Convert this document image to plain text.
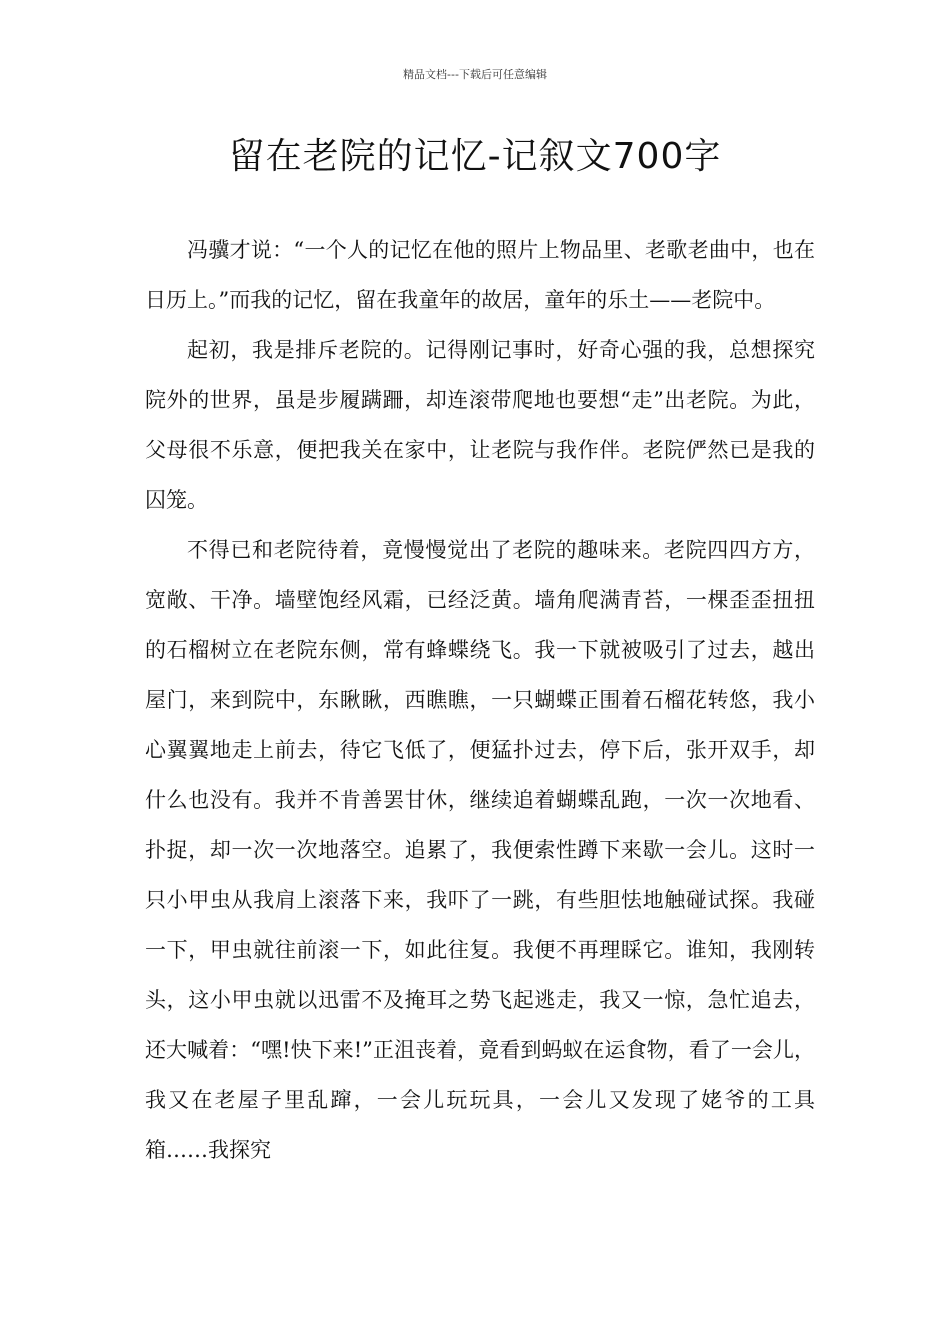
精品文档---下载后可任意编辑
留在老院的记忆-记叙文700字

冯骥才说：“一个人的记忆在他的照片上物品里、老歌老曲中，也在日历上。”而我的记忆，留在我童年的故居，童年的乐土——老院中。

起初，我是排斥老院的。记得刚记事时，好奇心强的我，总想探究院外的世界，虽是步履蹒跚，却连滚带爬地也要想“走”出老院。为此，父母很不乐意，便把我关在家中，让老院与我作伴。老院俨然已是我的囚笼。

不得已和老院待着，竟慢慢觉出了老院的趣味来。老院四四方方，宽敞、干净。墙壁饱经风霜，已经泛黄。墙角爬满青苔，一棵歪歪扭扭的石榴树立在老院东侧，常有蜂蝶绕飞。我一下就被吸引了过去，越出屋门，来到院中，东瞅瞅，西瞧瞧，一只蝴蝶正围着石榴花转悠，我小心翼翼地走上前去，待它飞低了，便猛扑过去，停下后，张开双手，却什么也没有。我并不肯善罢甘休，继续追着蝴蝶乱跑，一次一次地看、扑捉，却一次一次地落空。追累了，我便索性蹲下来歇一会儿。这时一只小甲虫从我肩上滚落下来，我吓了一跳，有些胆怯地触碰试探。我碰一下，甲虫就往前滚一下，如此往复。我便不再理睬它。谁知，我刚转头，这小甲虫就以迅雷不及掩耳之势飞起逃走，我又一惊，急忙追去，还大喊着：“嘿!快下来!”正沮丧着，竟看到蚂蚁在运食物，看了一会儿，我又在老屋子里乱蹿，一会儿玩玩具，一会儿又发现了姥爷的工具箱……我探究
